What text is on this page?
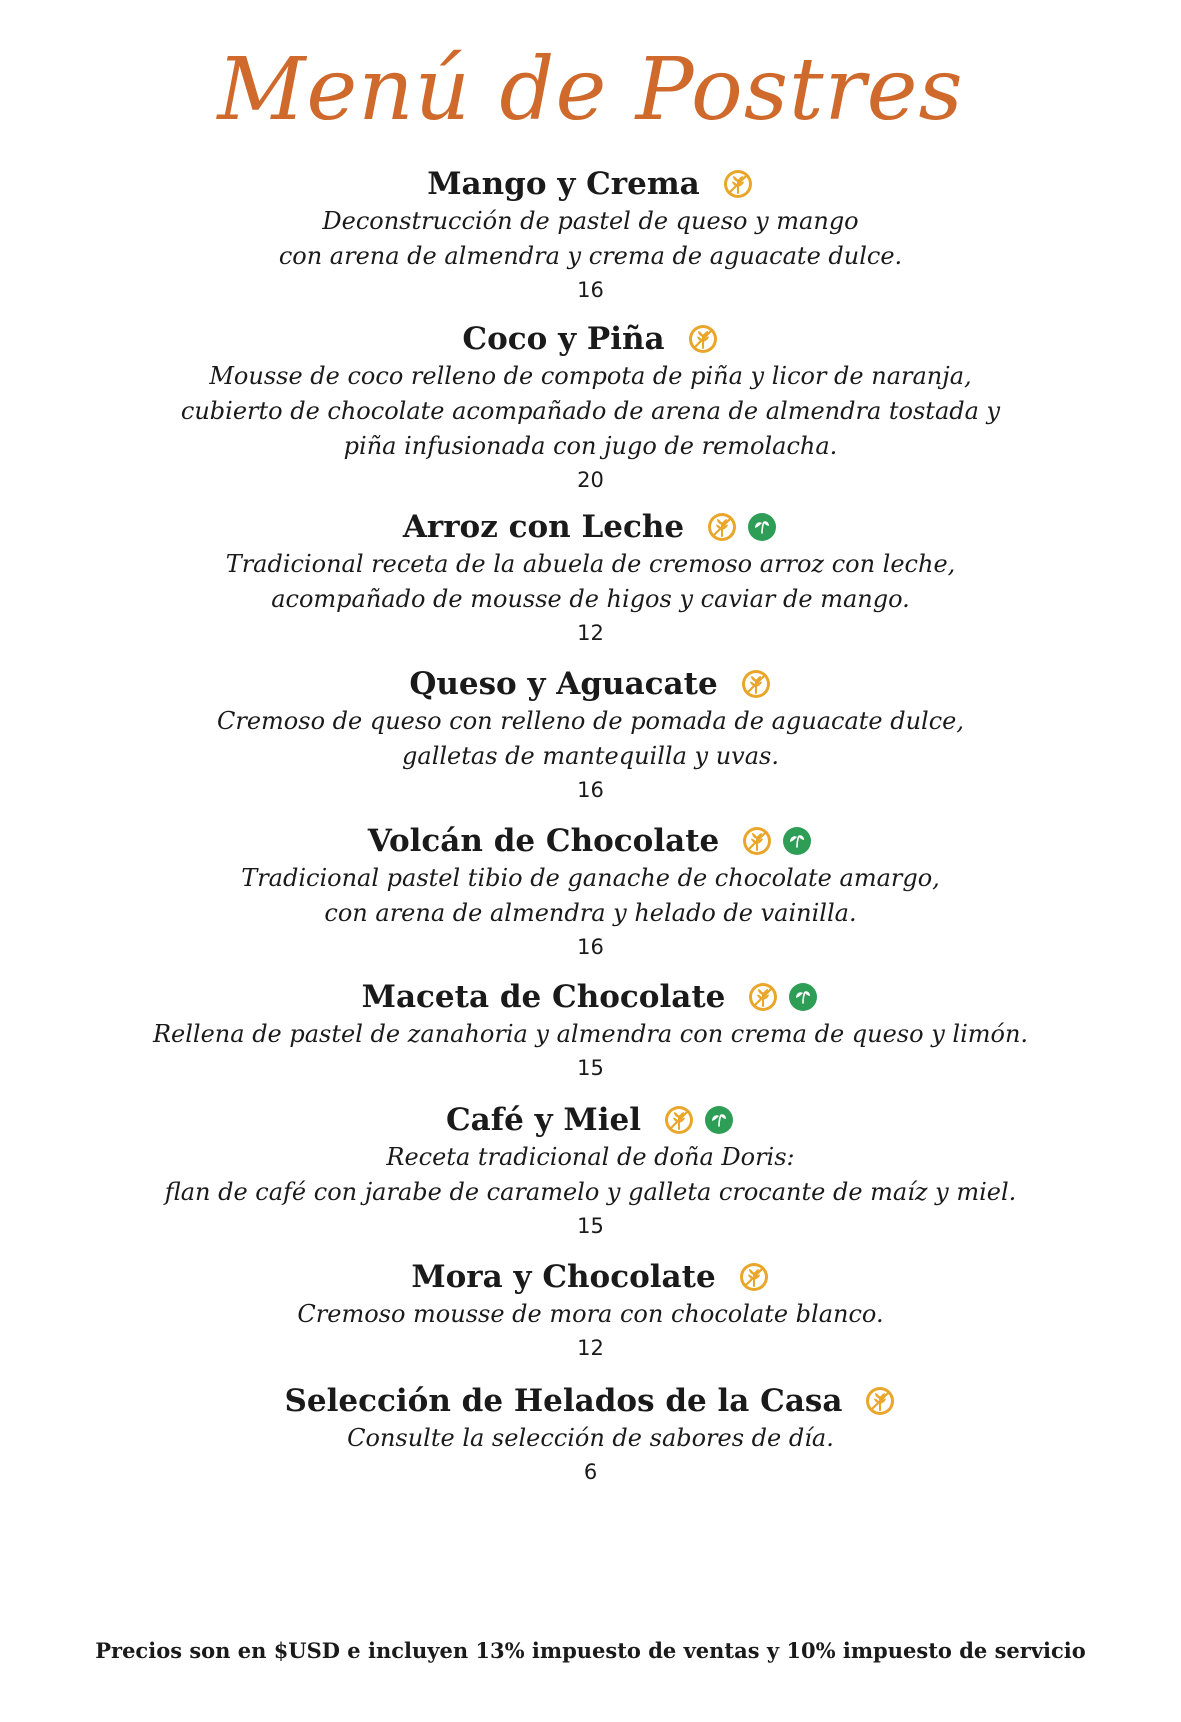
Menú de Postres
Mango y Crema
Deconstrucción de pastel de queso y mango
con arena de almendra y crema de aguacate dulce.
16
Coco y Piña
Mousse de coco relleno de compota de piña y licor de naranja,
cubierto de chocolate acompañado de arena de almendra tostada y
piña infusionada con jugo de remolacha.
20
Arroz con Leche
Tradicional receta de la abuela de cremoso arroz con leche,
acompañado de mousse de higos y caviar de mango.
12
Queso y Aguacate
Cremoso de queso con relleno de pomada de aguacate dulce,
galletas de mantequilla y uvas.
16
Volcán de Chocolate
Tradicional pastel tibio de ganache de chocolate amargo,
con arena de almendra y helado de vainilla.
16
Maceta de Chocolate
Rellena de pastel de zanahoria y almendra con crema de queso y limón.
15
Café y Miel
Receta tradicional de doña Doris:
flan de café con jarabe de caramelo y galleta crocante de maíz y miel.
15
Mora y Chocolate
Cremoso mousse de mora con chocolate blanco.
12
Selección de Helados de la Casa
Consulte la selección de sabores de día.
6
Precios son en $USD e incluyen 13% impuesto de ventas y 10% impuesto de servicio
